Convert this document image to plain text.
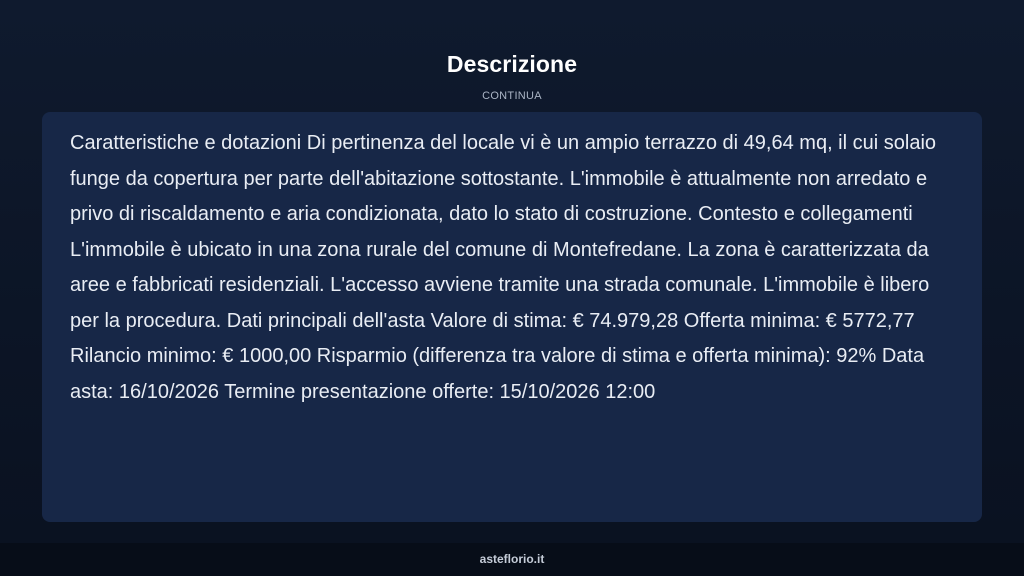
Descrizione
CONTINUA

Caratteristiche e dotazioni Di pertinenza del locale vi è un ampio terrazzo di 49,64 mq, il cui solaio funge da copertura per parte dell'abitazione sottostante. L'immobile è attualmente non arredato e privo di riscaldamento e aria condizionata, dato lo stato di costruzione. Contesto e collegamenti L'immobile è ubicato in una zona rurale del comune di Montefredane. La zona è caratterizzata da aree e fabbricati residenziali. L'accesso avviene tramite una strada comunale. L'immobile è libero per la procedura. Dati principali dell'asta Valore di stima: € 74.979,28 Offerta minima: € 5772,77 Rilancio minimo: € 1000,00 Risparmio (differenza tra valore di stima e offerta minima): 92% Data asta: 16/10/2026 Termine presentazione offerte: 15/10/2026 12:00

asteflorio.it
